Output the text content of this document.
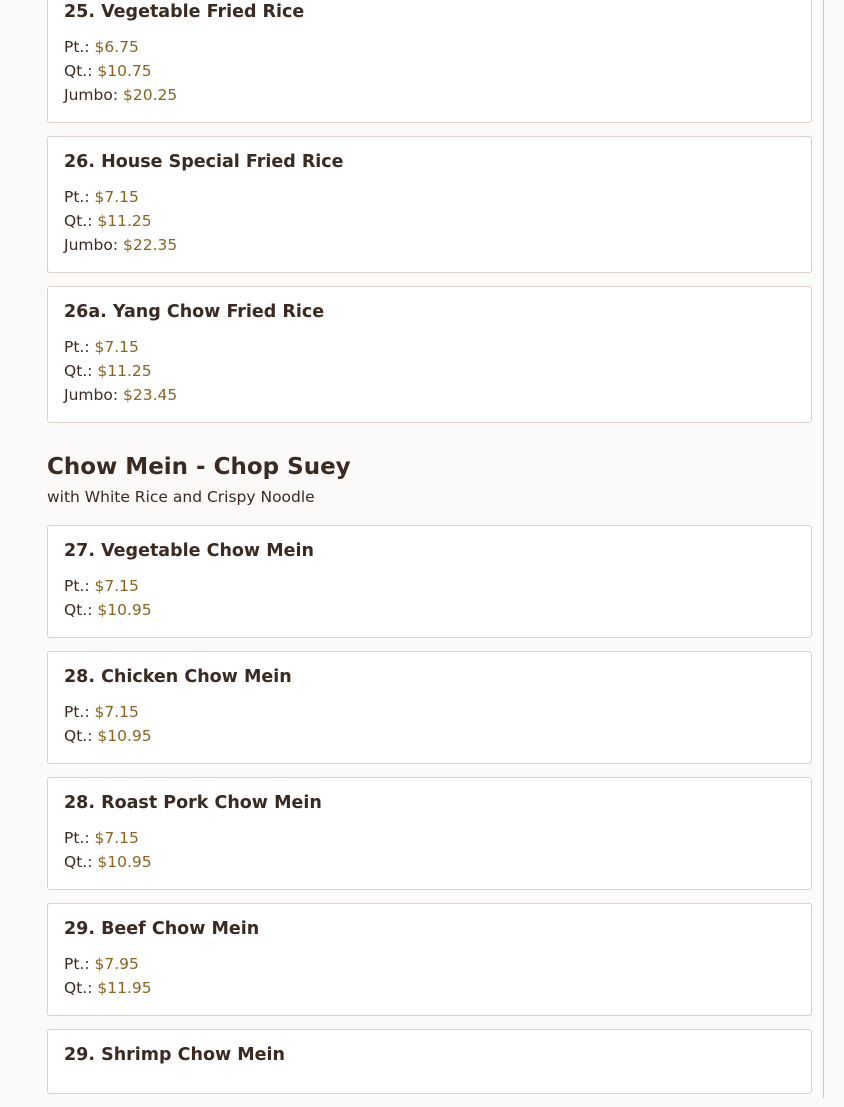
25. Vegetable Fried Rice
Pt.: $6.75
Qt.: $10.75
Jumbo: $20.25
26. House Special Fried Rice
Pt.: $7.15
Qt.: $11.25
Jumbo: $22.35
26a. Yang Chow Fried Rice
Pt.: $7.15
Qt.: $11.25
Jumbo: $23.45
Chow Mein - Chop Suey
with White Rice and Crispy Noodle
27. Vegetable Chow Mein
Pt.: $7.15
Qt.: $10.95
28. Chicken Chow Mein
Pt.: $7.15
Qt.: $10.95
28. Roast Pork Chow Mein
Pt.: $7.15
Qt.: $10.95
29. Beef Chow Mein
Pt.: $7.95
Qt.: $11.95
29. Shrimp Chow Mein
